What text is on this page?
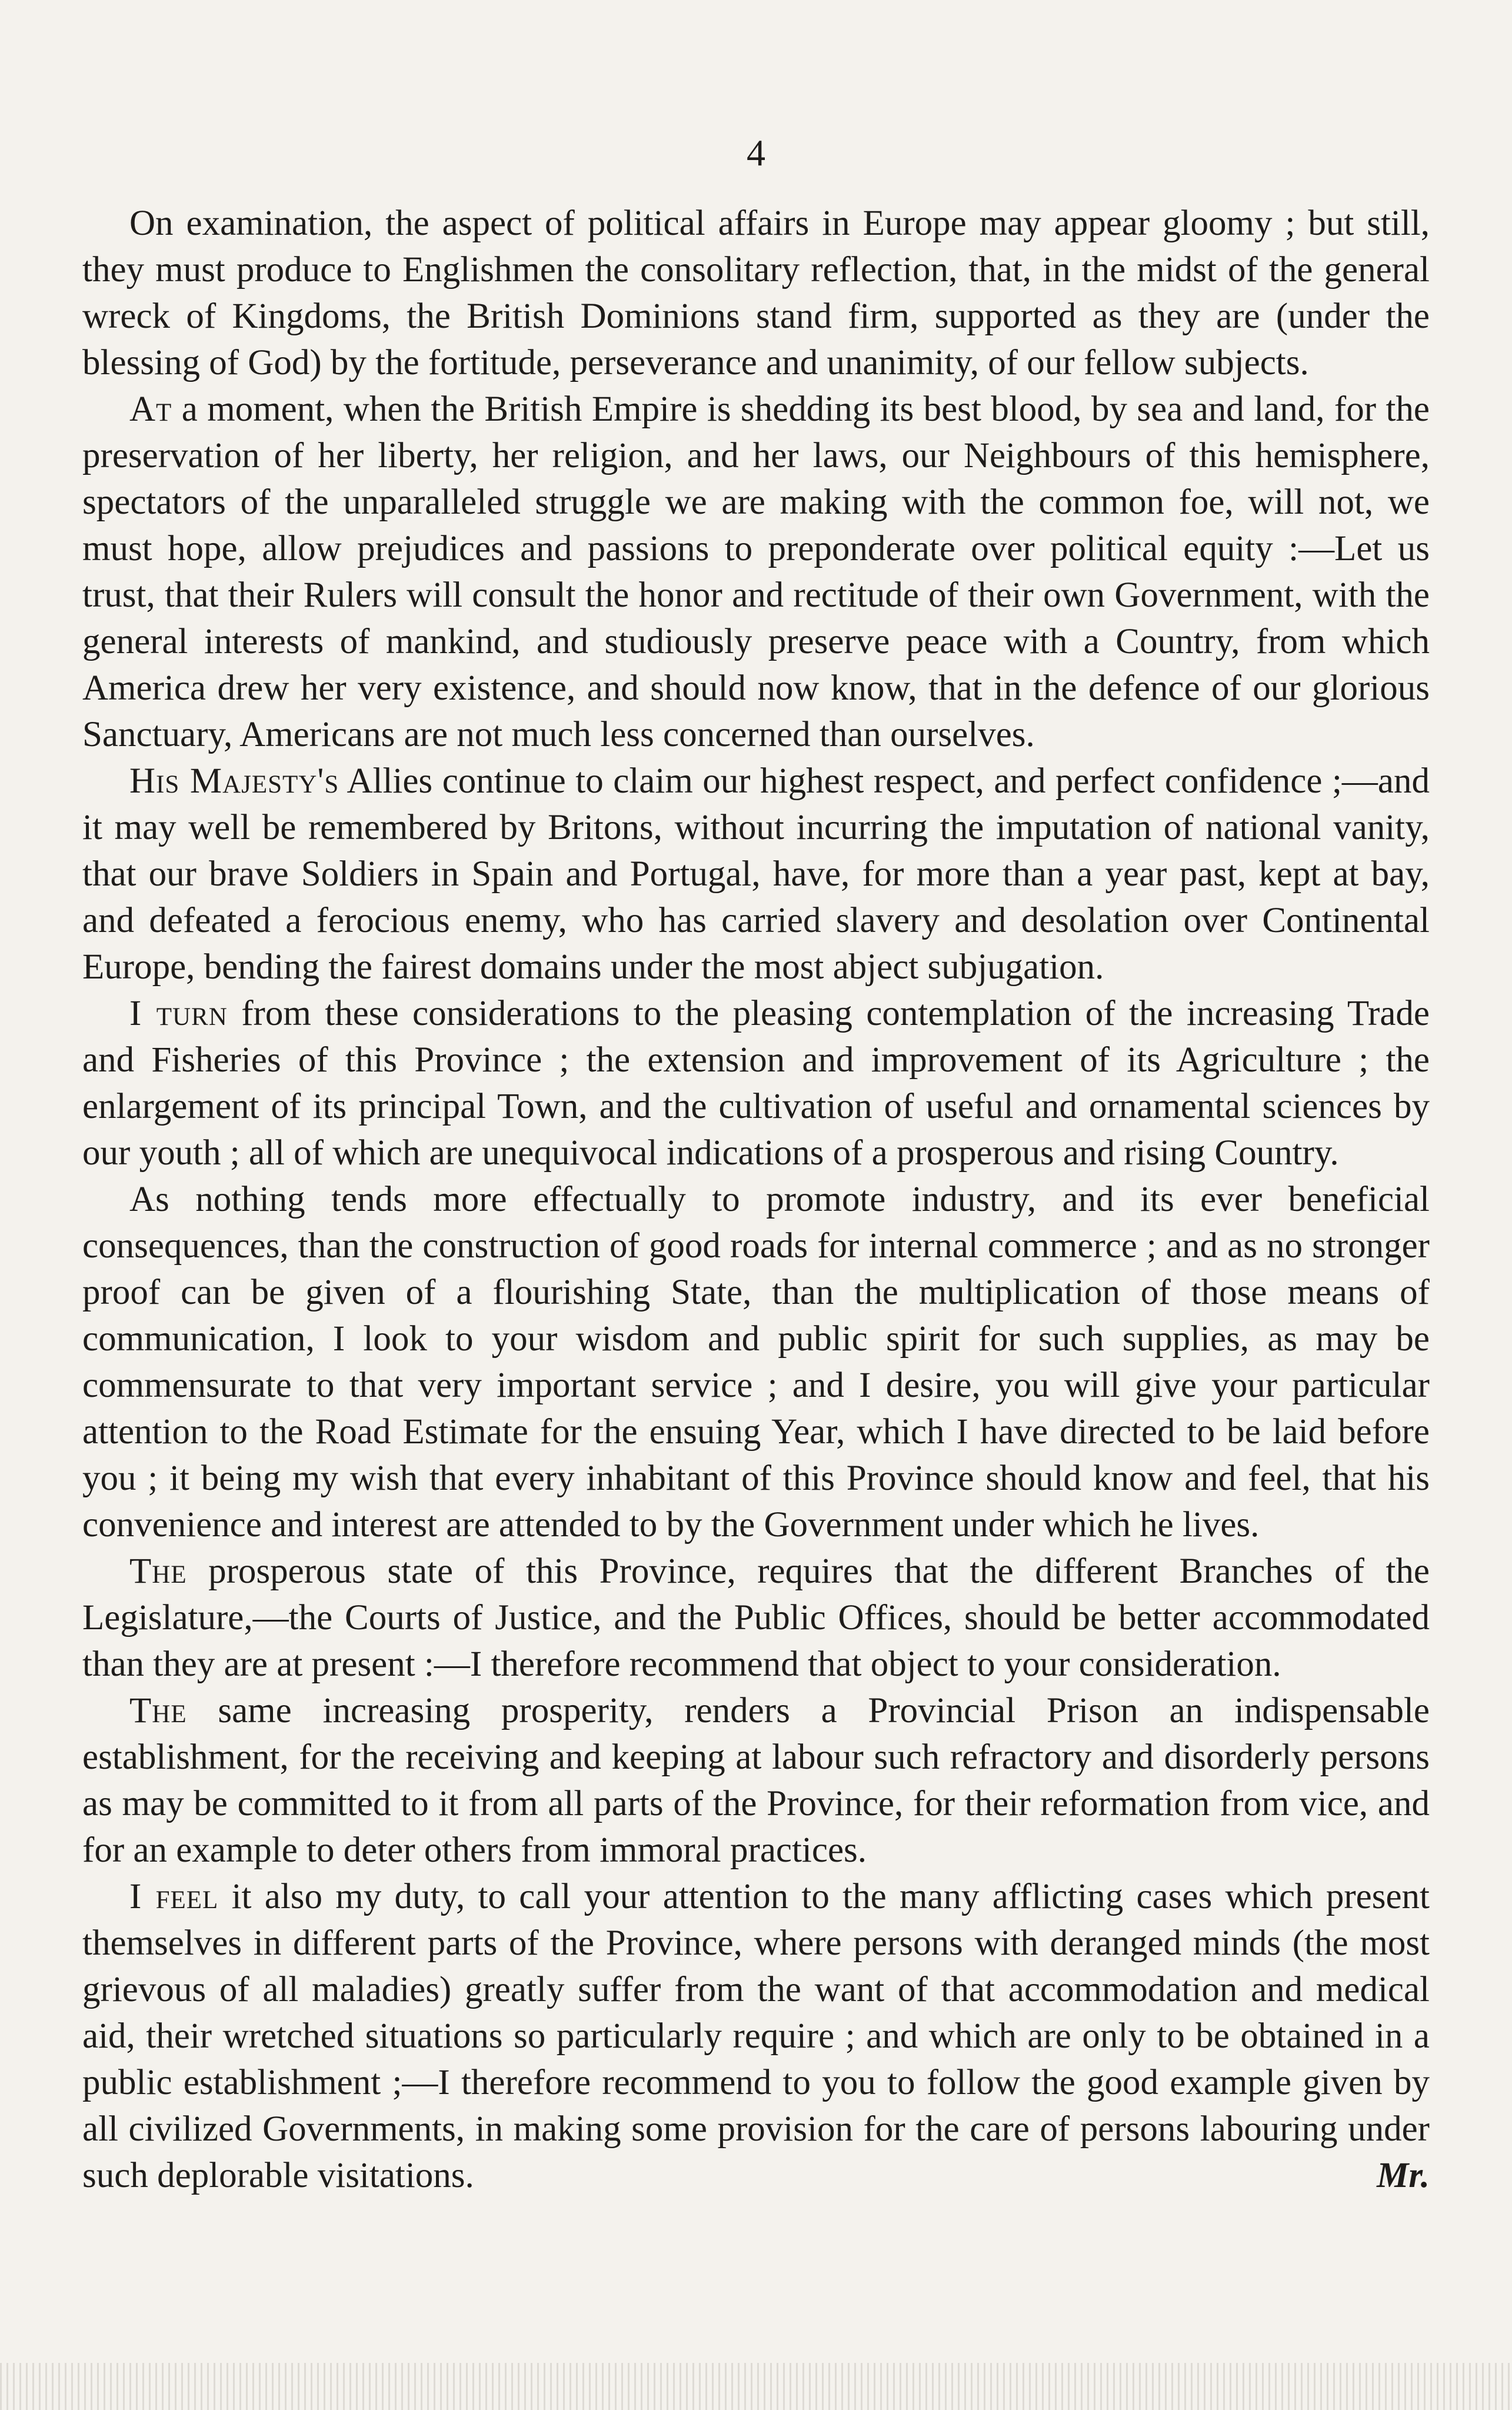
4

On examination, the aspect of political affairs in Europe may appear gloomy ; but still, they must produce to Englishmen the consolitary reflection, that, in the midst of the general wreck of Kingdoms, the British Dominions stand firm, supported as they are (under the blessing of God) by the fortitude, perseverance and unanimity, of our fellow subjects.

At a moment, when the British Empire is shedding its best blood, by sea and land, for the preservation of her liberty, her religion, and her laws, our Neighbours of this hemisphere, spectators of the unparalleled struggle we are making with the common foe, will not, we must hope, allow prejudices and passions to preponderate over political equity :—Let us trust, that their Rulers will consult the honor and rectitude of their own Government, with the general interests of mankind, and studiously preserve peace with a Country, from which America drew her very existence, and should now know, that in the defence of our glorious Sanctuary, Americans are not much less concerned than ourselves.

His Majesty's Allies continue to claim our highest respect, and perfect confidence ;—and it may well be remembered by Britons, without incurring the imputation of national vanity, that our brave Soldiers in Spain and Portugal, have, for more than a year past, kept at bay, and defeated a ferocious enemy, who has carried slavery and desolation over Continental Europe, bending the fairest domains under the most abject subjugation.

I turn from these considerations to the pleasing contemplation of the increasing Trade and Fisheries of this Province ; the extension and improvement of its Agriculture ; the enlargement of its principal Town, and the cultivation of useful and ornamental sciences by our youth ; all of which are unequivocal indications of a prosperous and rising Country.

As nothing tends more effectually to promote industry, and its ever beneficial consequences, than the construction of good roads for internal commerce ; and as no stronger proof can be given of a flourishing State, than the multiplication of those means of communication, I look to your wisdom and public spirit for such supplies, as may be commensurate to that very important service ; and I desire, you will give your particular attention to the Road Estimate for the ensuing Year, which I have directed to be laid before you ; it being my wish that every inhabitant of this Province should know and feel, that his convenience and interest are attended to by the Government under which he lives.

The prosperous state of this Province, requires that the different Branches of the Legislature,—the Courts of Justice, and the Public Offices, should be better accommodated than they are at present :—I therefore recommend that object to your consideration.

The same increasing prosperity, renders a Provincial Prison an indispensable establishment, for the receiving and keeping at labour such refractory and disorderly persons as may be committed to it from all parts of the Province, for their reformation from vice, and for an example to deter others from immoral practices.

I feel it also my duty, to call your attention to the many afflicting cases which present themselves in different parts of the Province, where persons with deranged minds (the most grievous of all maladies) greatly suffer from the want of that accommodation and medical aid, their wretched situations so particularly require ; and which are only to be obtained in a public establishment ;—I therefore recommend to you to follow the good example given by all civilized Governments, in making some provision for the care of persons labouring under such deplorable visitations.	Mr.
